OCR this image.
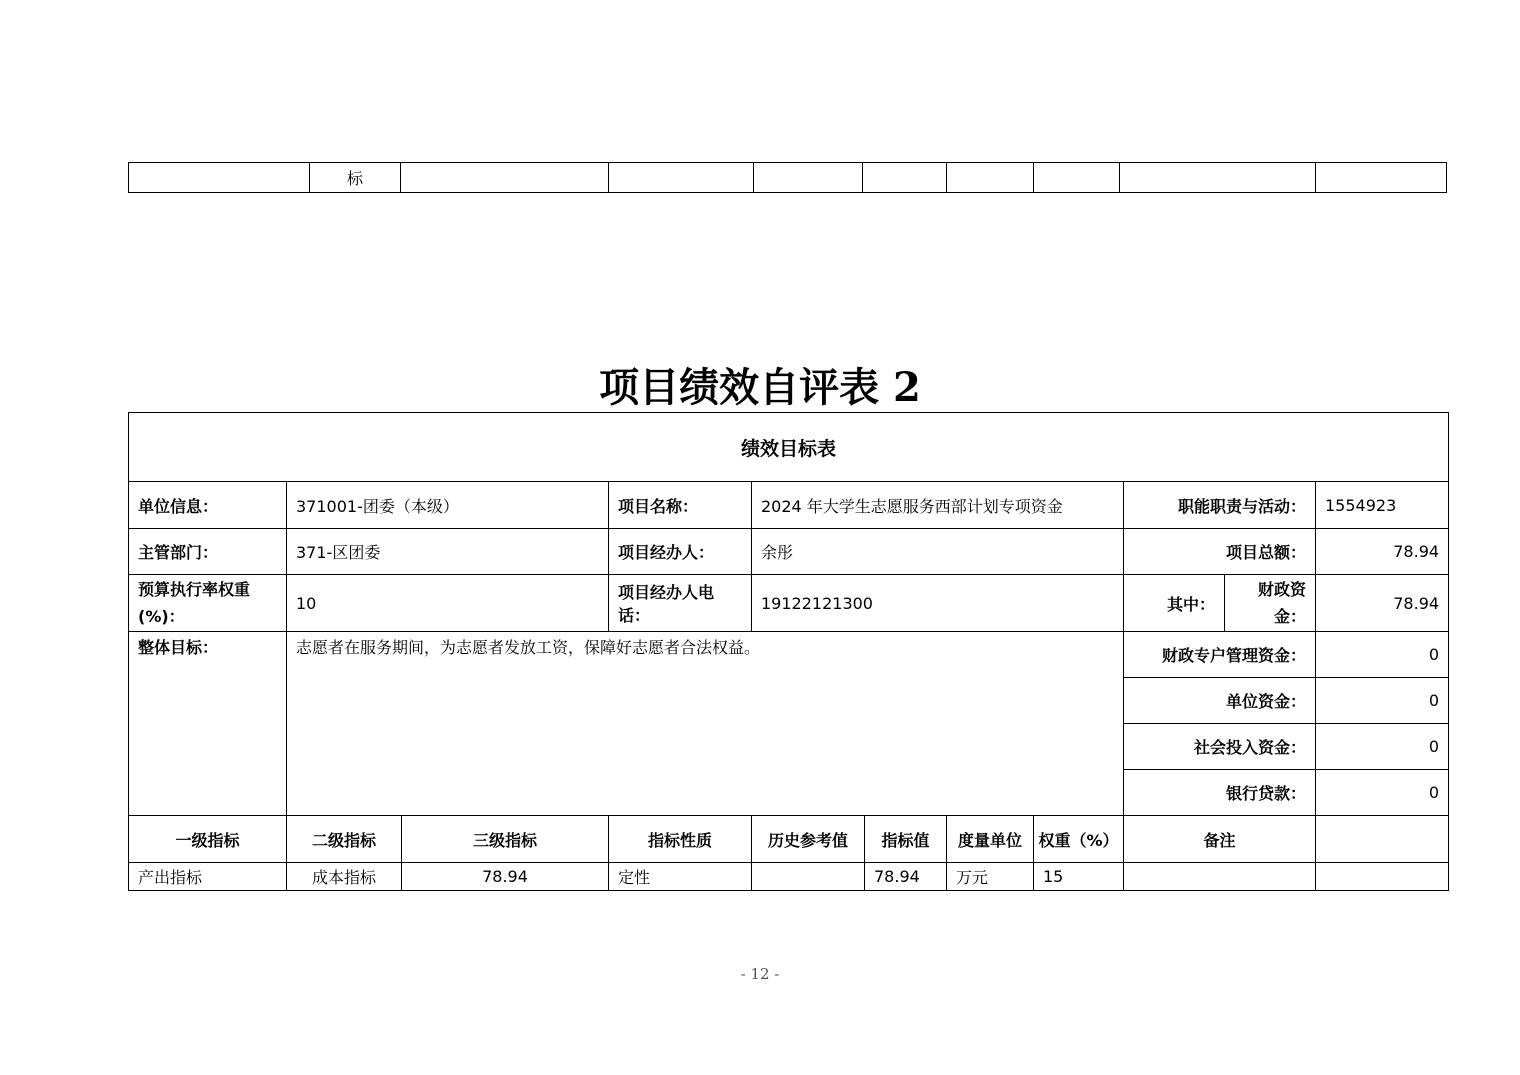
	标								
项目绩效自评表 2
绩效目标表										
单位信息：	371001-团委（本级）		项目名称：	2024 年大学生志愿服务西部计划专项资金				职能职责与活动：		1554923
主管部门：	371-区团委		项目经办人：	余彤				项目总额：		78.94
预算执行率权重(%)：	10		项目经办人电话：	19122121300				其中：	财政资金：	78.94
整体目标：	志愿者在服务期间，为志愿者发放工资，保障好志愿者合法权益。							财政专户管理资金：		0
								单位资金：		0
								社会投入资金：		0
								银行贷款：		0
一级指标	二级指标	三级指标	指标性质	历史参考值	指标值	度量单位	权重（%）	备注		
产出指标	成本指标	78.94	定性		78.94	万元	15			
- 12 -
